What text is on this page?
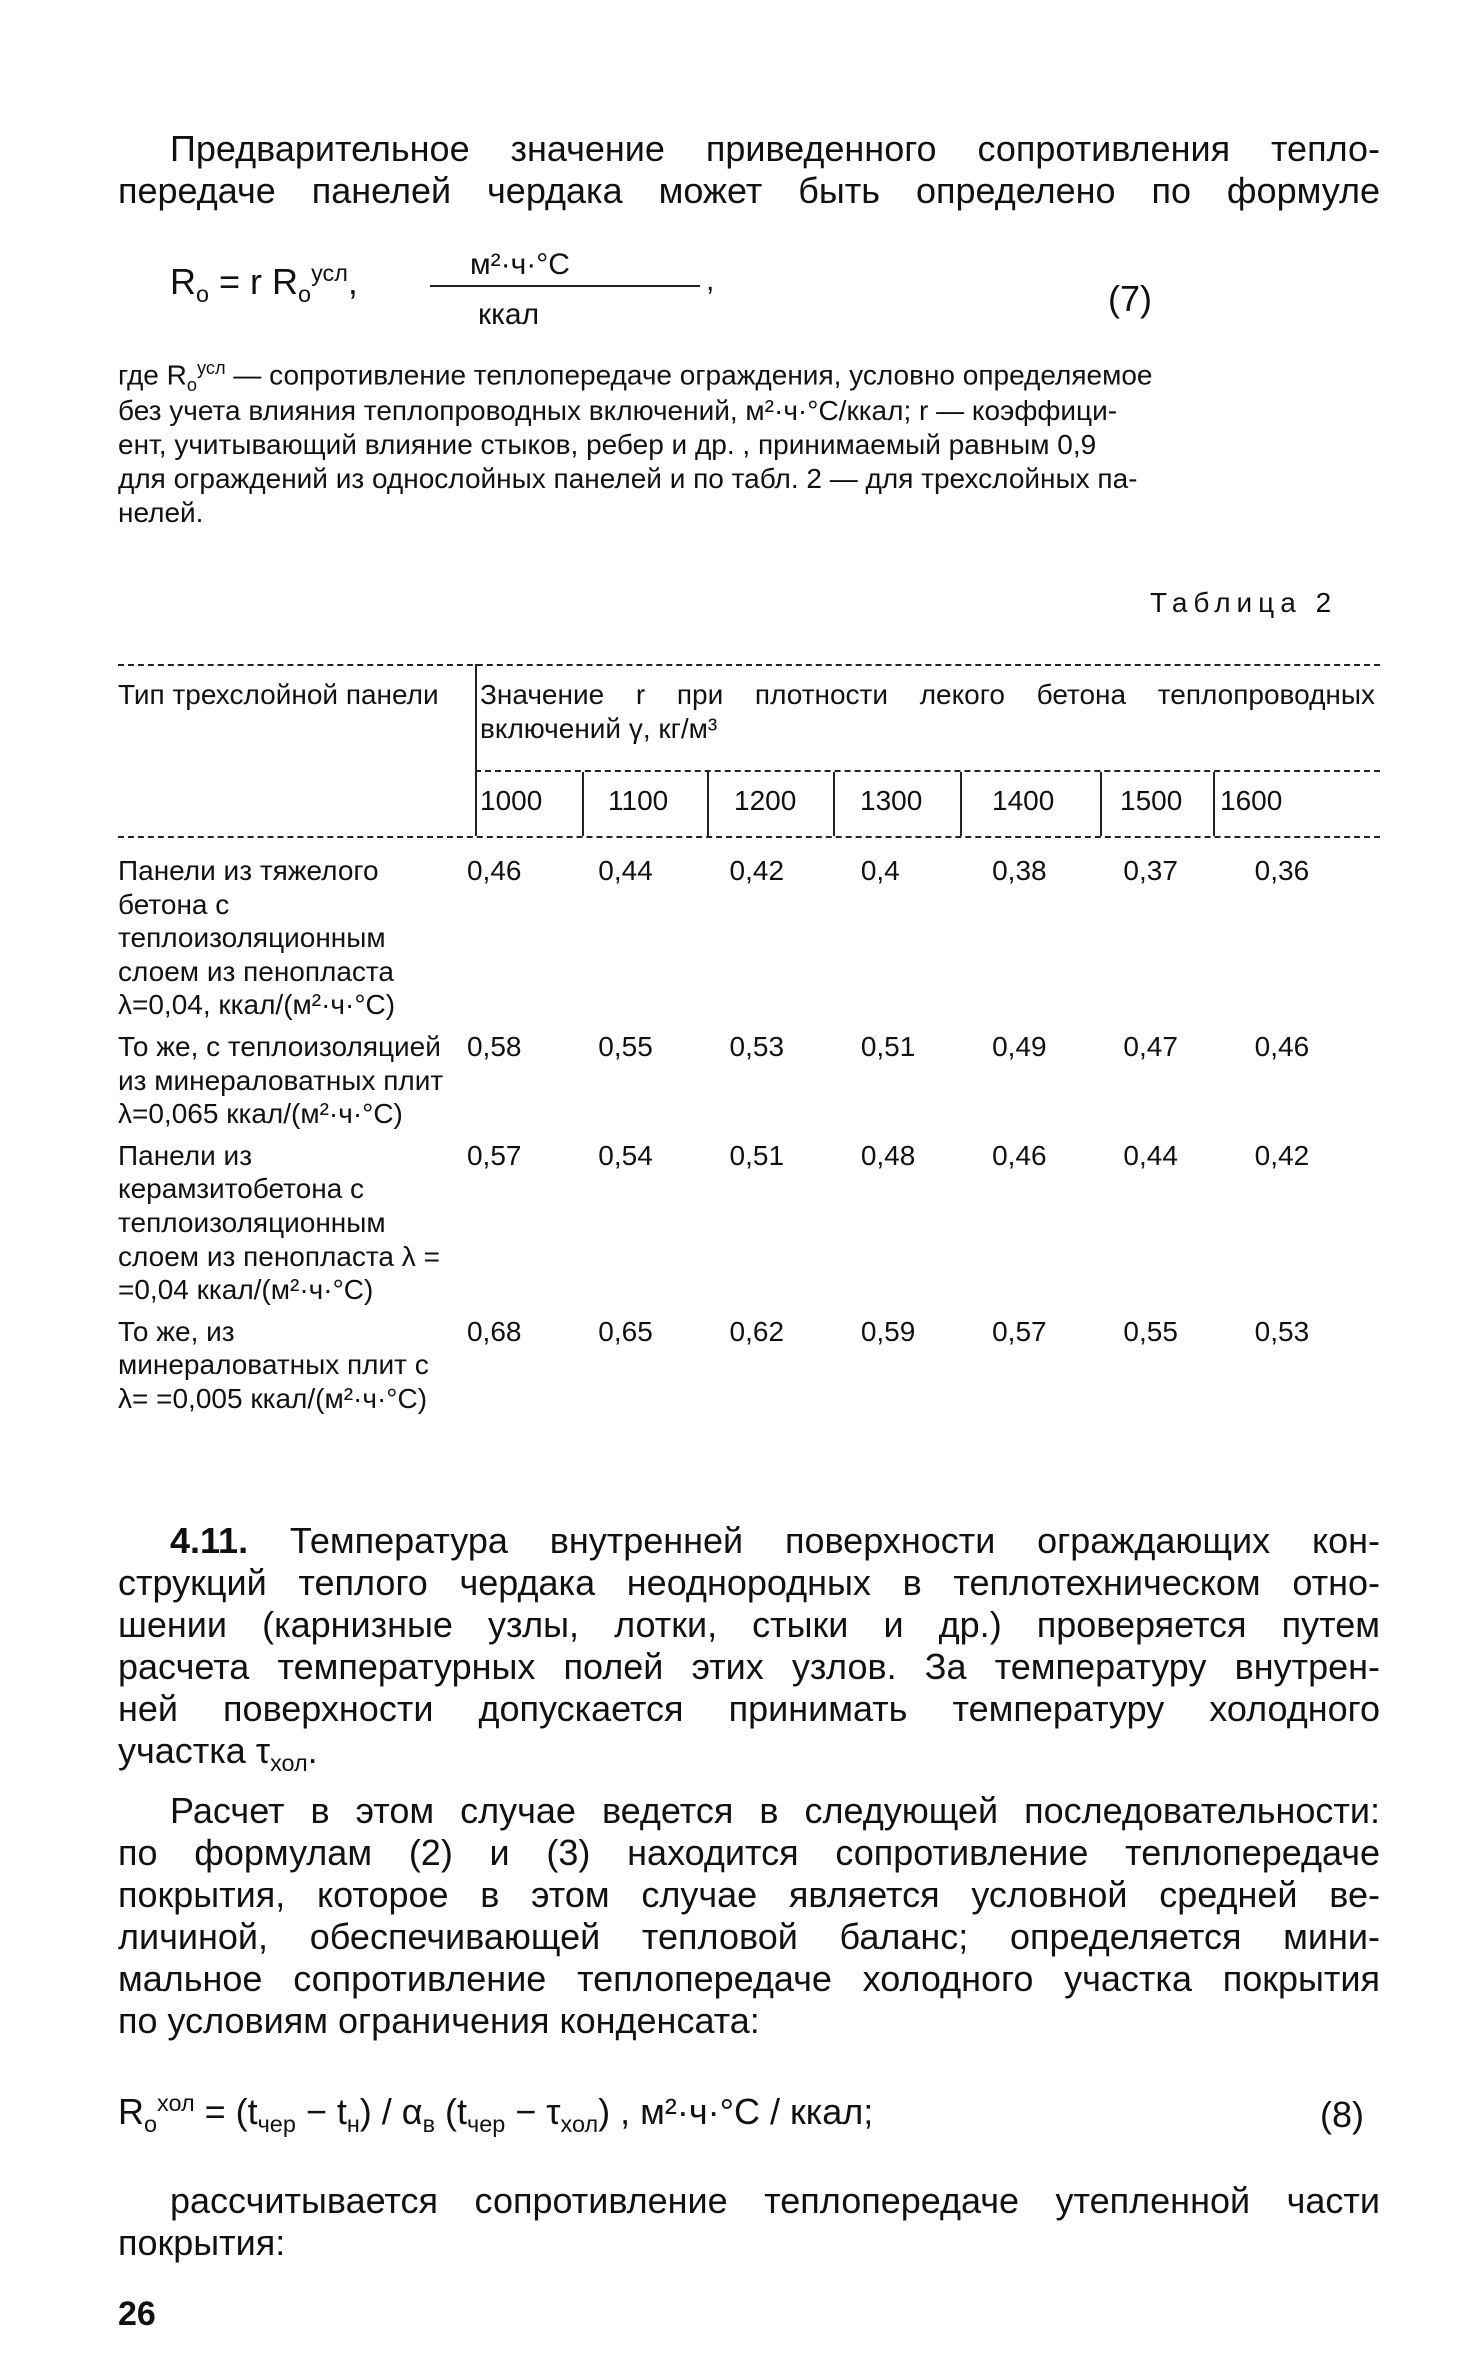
Предварительное значение приведенного сопротивления тепло-
передаче панелей чердака может быть определено по формуле
$R_о = r$ $R_о^{усл}$,	м²·ч·°С	,
ккал	(7)
где $R_о^{усл}$ — сопротивление теплопередаче ограждения, условно определяемое
без учета влияния теплопроводных включений, м²·ч·°С/ккал; r — коэффици-
ент, учитывающий влияние стыков, ребер и др. , принимаемый равным 0,9
для ограждений из однослойных панелей и по табл. 2 — для трехслойных па-
нелей.
Таблица 2
Тип трехслойной панели	Значение r при плотности лекого бетона теплопроводных включений γ, кг/м³
1000 1100 1200 1300 1400 1500 1600
Панели из тяжелого бетона с теплоизоляционным слоем из пенопласта λ=0,04, ккал/(м²·ч·°С)	0,46	0,44	0,42	0,4	0,38	0,37	0,36
То же, с теплоизоляцией из минераловатных плит λ=0,065 ккал/(м²·ч·°С)	0,58	0,55	0,53	0,51	0,49	0,47	0,46
Панели из керамзитобетона с теплоизоляционным слоем из пенопласта λ = =0,04 ккал/(м²·ч·°С)	0,57	0,54	0,51	0,48	0,46	0,44	0,42
То же, из минераловатных плит с λ= =0,005 ккал/(м²·ч·°С)	0,68	0,65	0,62	0,59	0,57	0,55	0,53
4.11. Температура внутренней поверхности ограждающих кон-
струкций теплого чердака неоднородных в теплотехническом отно-
шении (карнизные узлы, лотки, стыки и др.) проверяется путем
расчета температурных полей этих узлов. За температуру внутрен-
ней поверхности допускается принимать температуру холодного
участка $\tau_{хол}$.
Расчет в этом случае ведется в следующей последовательности:
по формулам (2) и (3) находится сопротивление теплопередаче
покрытия, которое в этом случае является условной средней ве-
личиной, обеспечивающей тепловой баланс; определяется мини-
мальное сопротивление теплопередаче холодного участка покрытия
по условиям ограничения конденсата:
$R_о^{хол} = (t_{чер} - t_н) / \alpha_в$ $(t_{чер} - \tau_{хол})$ , м²·ч·°С / ккал;	(8)
рассчитывается сопротивление теплопередаче утепленной части
покрытия:
26
